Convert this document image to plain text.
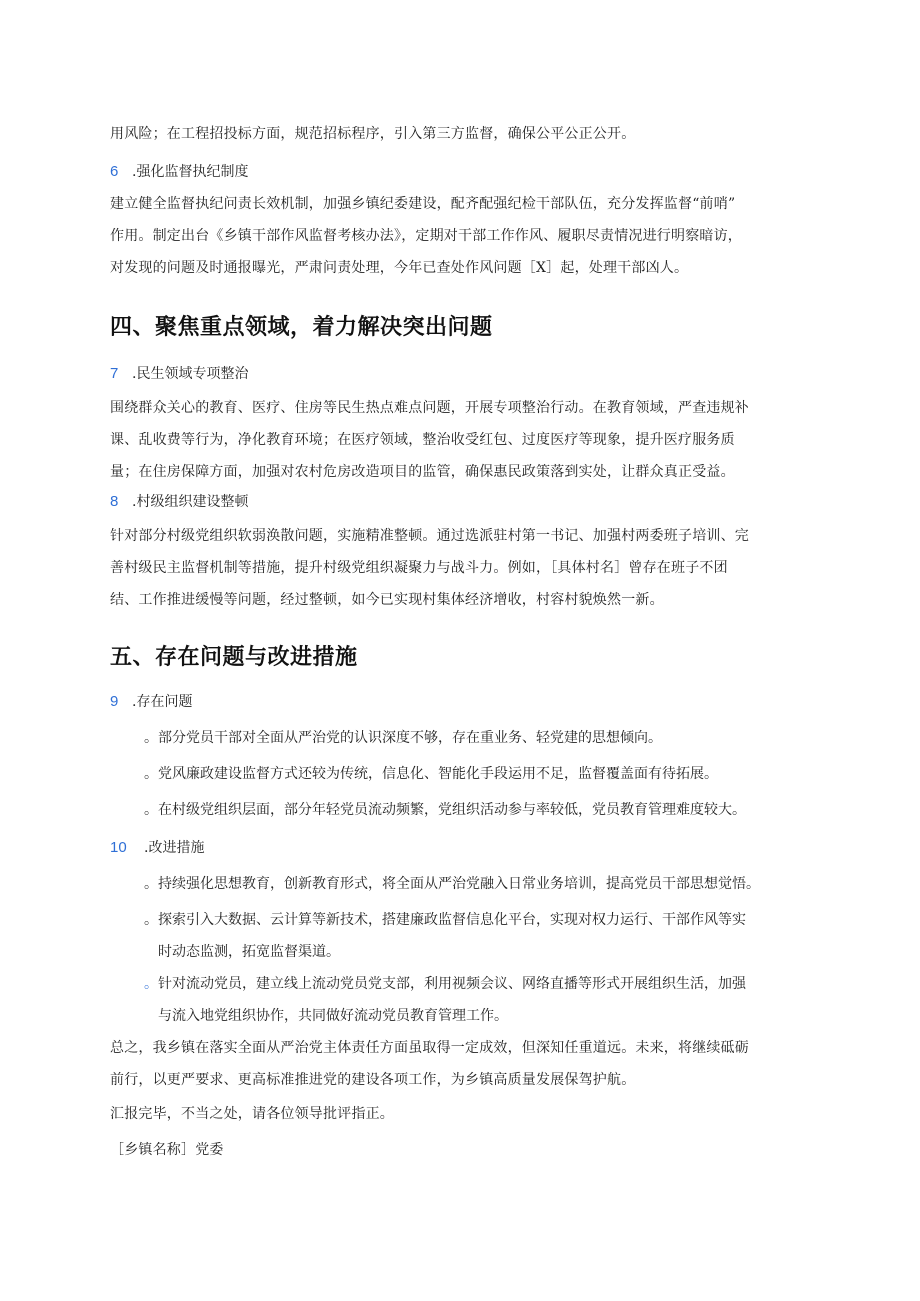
用风险；在工程招投标方面，规范招标程序，引入第三方监督，确保公平公正公开。

6 .强化监督执纪制度
建立健全监督执纪问责长效机制，加强乡镇纪委建设，配齐配强纪检干部队伍，充分发挥监督“前哨”
作用。制定出台《乡镇干部作风监督考核办法》，定期对干部工作作风、履职尽责情况进行明察暗访，
对发现的问题及时通报曝光，严肃问责处理，今年已查处作风问题［X］起，处理干部凶人。
四、聚焦重点领域，着力解决突出问题
7 .民生领域专项整治
围绕群众关心的教育、医疗、住房等民生热点难点问题，开展专项整治行动。在教育领域，严查违规补
课、乱收费等行为，净化教育环境；在医疗领域，整治收受红包、过度医疗等现象，提升医疗服务质
量；在住房保障方面，加强对农村危房改造项目的监管，确保惠民政策落到实处，让群众真正受益。
8 .村级组织建设整顿
针对部分村级党组织软弱涣散问题，实施精准整顿。通过选派驻村第一书记、加强村两委班子培训、完
善村级民主监督机制等措施，提升村级党组织凝聚力与战斗力。例如，［具体村名］曾存在班子不团
结、工作推进缓慢等问题，经过整顿，如今已实现村集体经济增收，村容村貌焕然一新。
五、存在问题与改进措施
9 .存在问题

。部分党员干部对全面从严治党的认识深度不够，存在重业务、轻党建的思想倾向。

。党风廉政建设监督方式还较为传统，信息化、智能化手段运用不足，监督覆盖面有待拓展。

。在村级党组织层面，部分年轻党员流动频繁，党组织活动参与率较低，党员教育管理难度较大。

10 .改进措施

。持续强化思想教育，创新教育形式，将全面从严治党融入日常业务培训，提高党员干部思想觉悟。

。探索引入大数据、云计算等新技术，搭建廉政监督信息化平台，实现对权力运行、干部作风等实
时动态监测，拓宽监督渠道。
。针对流动党员，建立线上流动党员党支部，利用视频会议、网络直播等形式开展组织生活，加强
与流入地党组织协作，共同做好流动党员教育管理工作。
总之，我乡镇在落实全面从严治党主体责任方面虽取得一定成效，但深知任重道远。未来，将继续砥砺
前行，以更严要求、更高标准推进党的建设各项工作，为乡镇高质量发展保驾护航。

汇报完毕，不当之处，请各位领导批评指正。

［乡镇名称］党委
